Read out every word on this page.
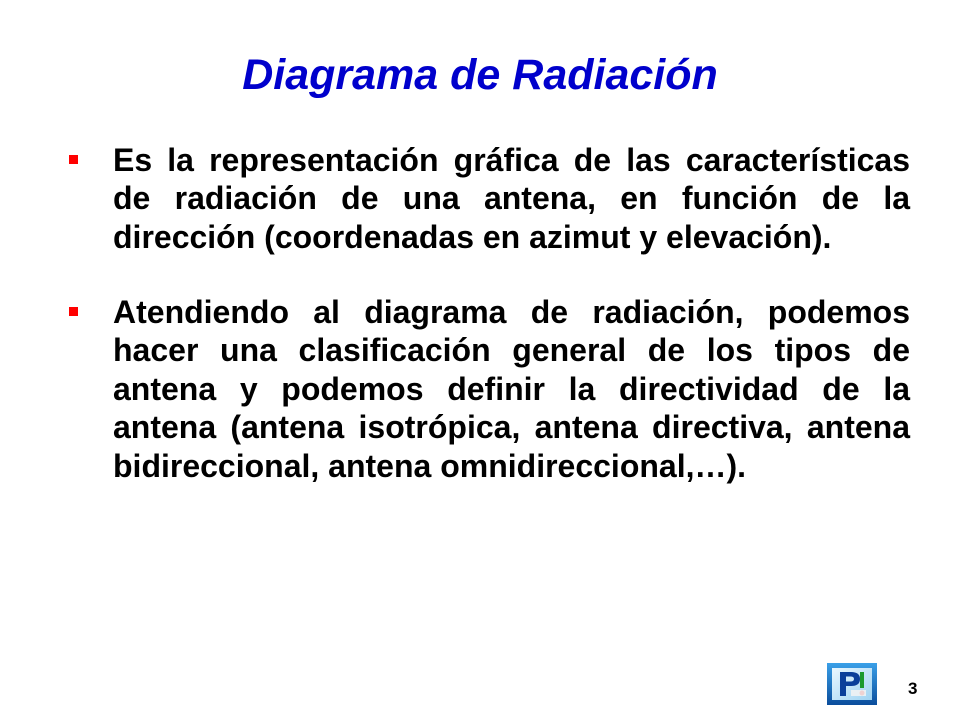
Diagrama de Radiación
Es la representación gráfica de las características
de radiación de una antena, en función de la
dirección (coordenadas en azimut y elevación).
Atendiendo al diagrama de radiación, podemos
hacer una clasificación general de los tipos de
antena y podemos definir la directividad de la
antena (antena isotrópica, antena directiva, antena
bidireccional, antena omnidireccional,…).
3
